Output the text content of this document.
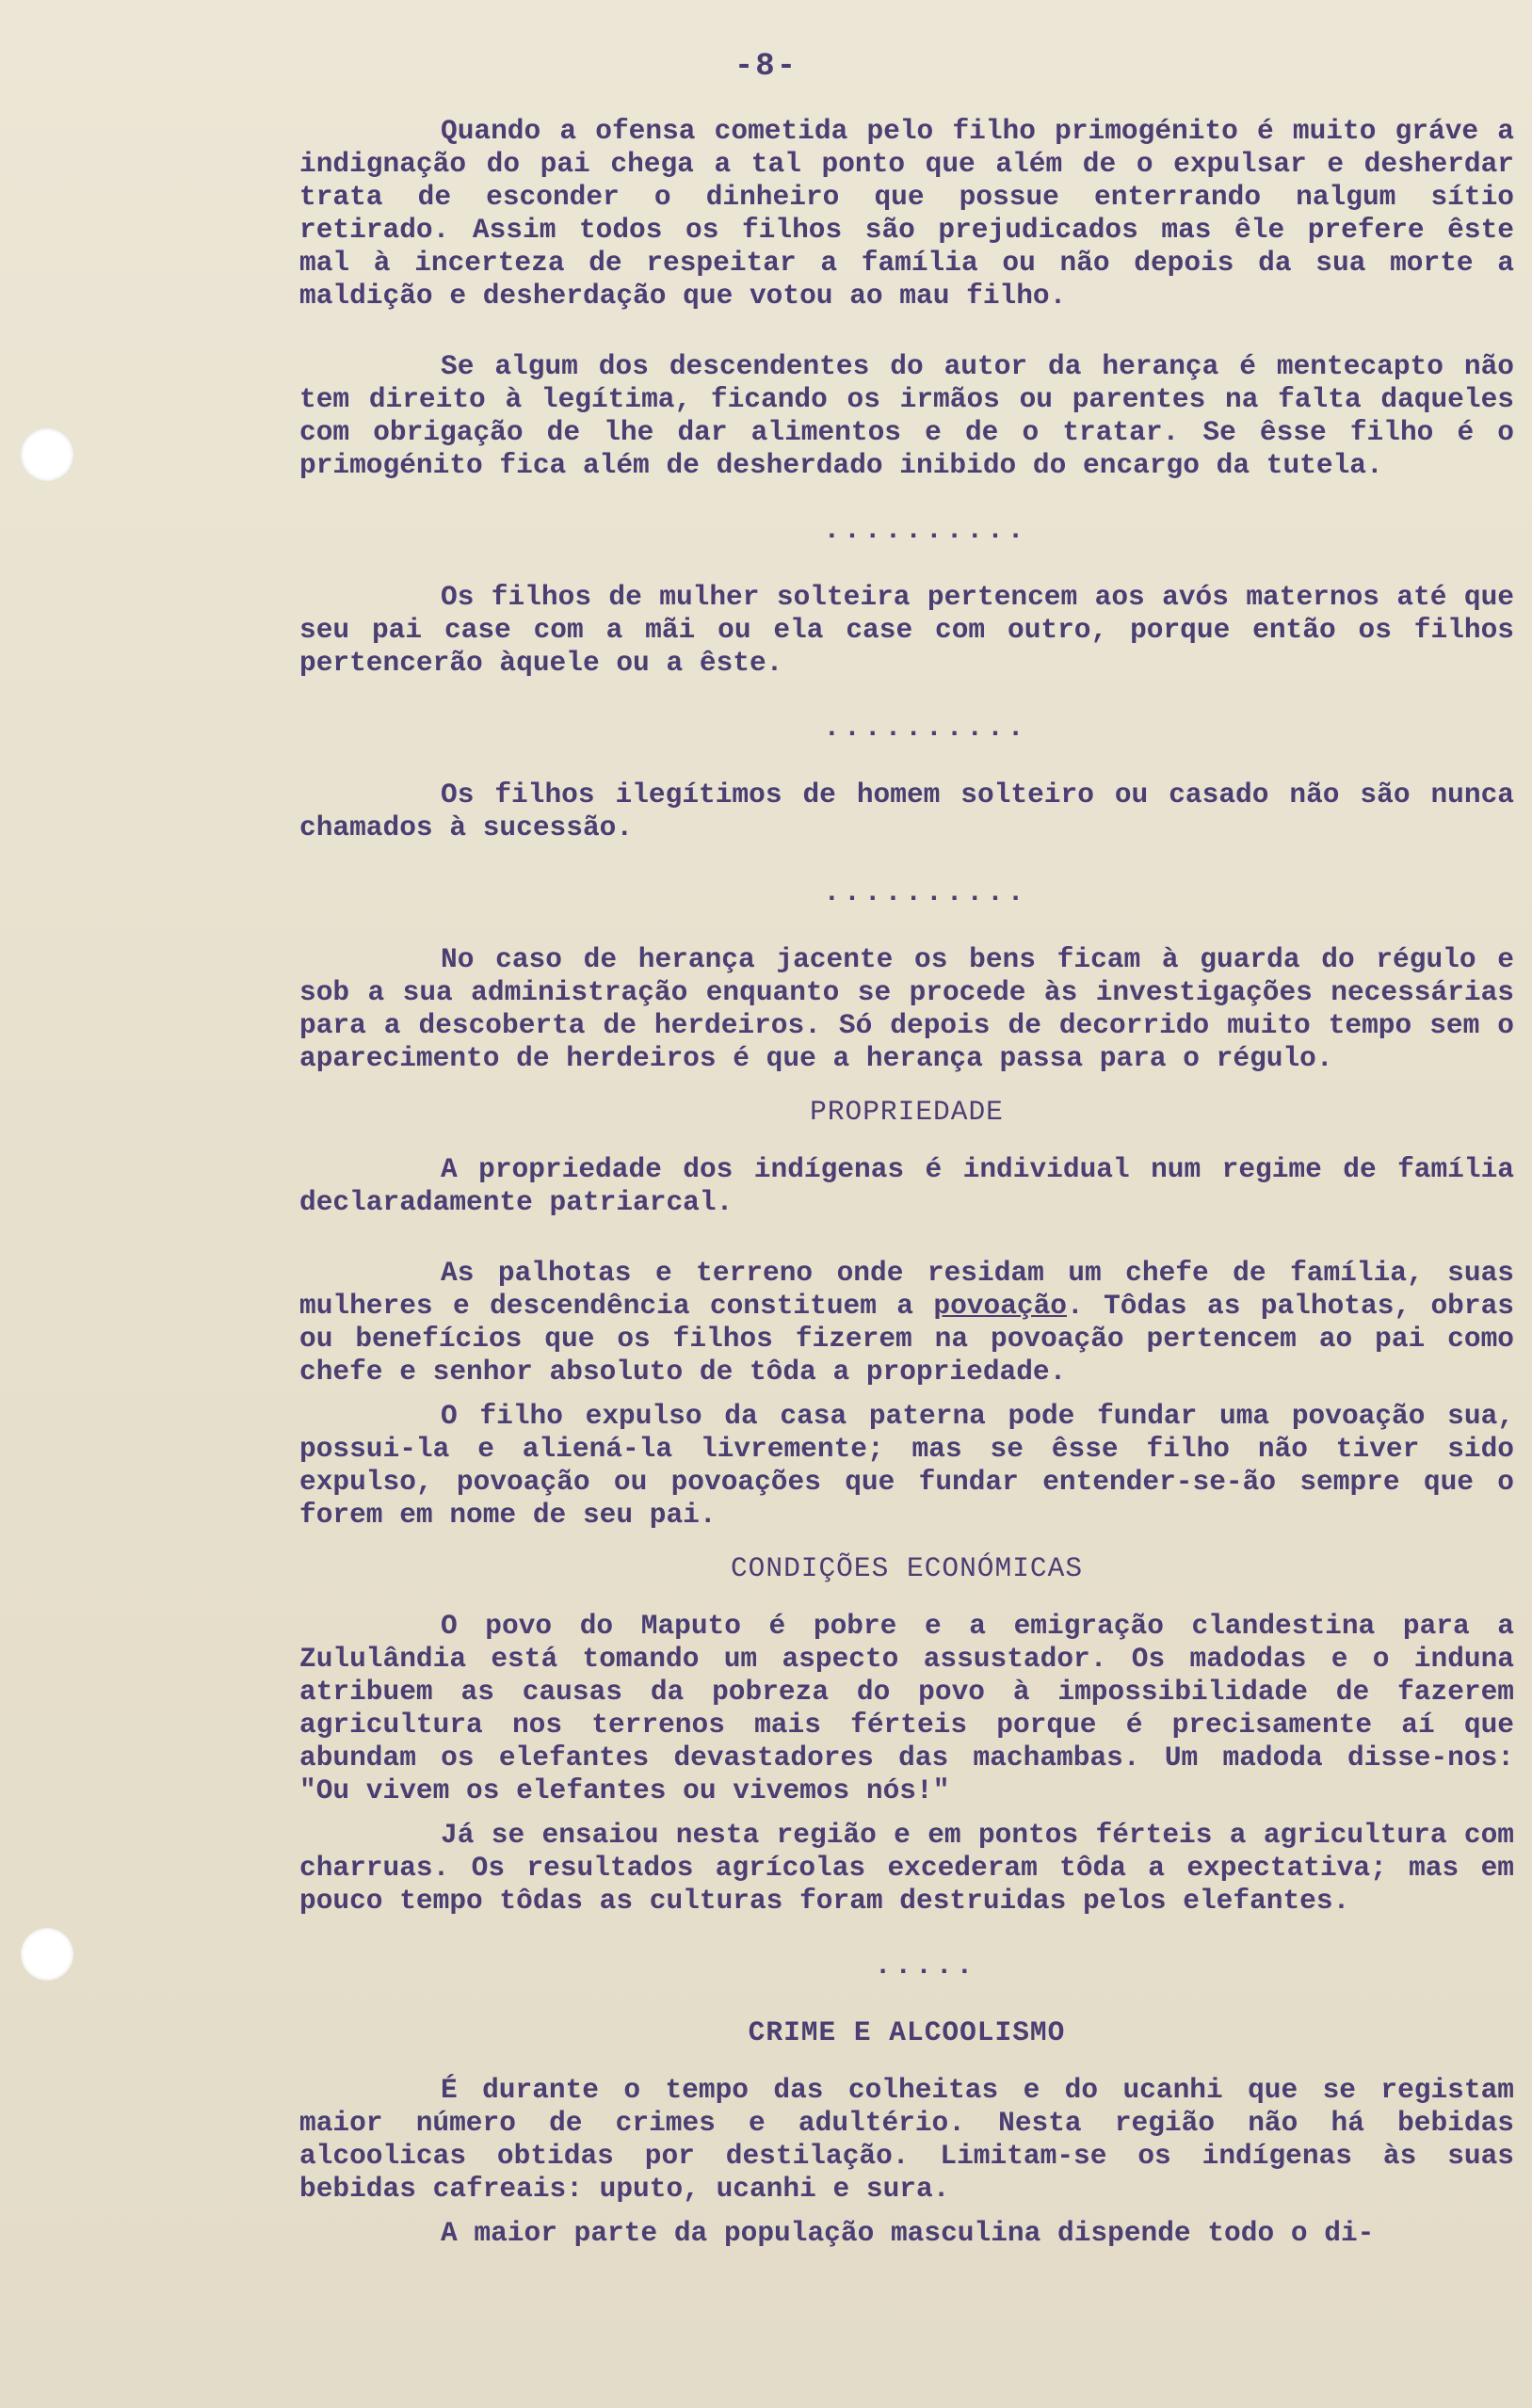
-8-

Quando a ofensa cometida pelo filho primogénito é muito gráve a indignação do pai chega a tal ponto que além de o expulsar e desherdar trata de esconder o dinheiro que possue enterrando nalgum sítio retirado. Assim todos os filhos são prejudicados mas êle prefere êste mal à incerteza de respeitar a família ou não depois da sua morte a maldição e desherdação que votou ao mau filho.

Se algum dos descendentes do autor da herança é mentecapto não tem direito à legítima, ficando os irmãos ou parentes na falta daqueles com obrigação de lhe dar alimentos e de o tratar. Se êsse filho é o primogénito fica além de desherdado inibido do encargo da tutela.

..........

Os filhos de mulher solteira pertencem aos avós maternos até que seu pai case com a mãi ou ela case com outro, porque então os filhos pertencerão àquele ou a êste.

..........

Os filhos ilegítimos de homem solteiro ou casado não são nunca chamados à sucessão.

..........

No caso de herança jacente os bens ficam à guarda do régulo e sob a sua administração enquanto se procede às investigações necessárias para a descoberta de herdeiros. Só depois de decorrido muito tempo sem o aparecimento de herdeiros é que a herança passa para o régulo.

PROPRIEDADE

A propriedade dos indígenas é individual num regime de família declaradamente patriarcal.

As palhotas e terreno onde residam um chefe de família, suas mulheres e descendência constituem a povoação. Tôdas as palhotas, obras ou benefícios que os filhos fizerem na povoação pertencem ao pai como chefe e senhor absoluto de tôda a propriedade.

O filho expulso da casa paterna pode fundar uma povoação sua, possui-la e aliená-la livremente; mas se êsse filho não tiver sido expulso, povoação ou povoações que fundar entender-se-ão sempre que o forem em nome de seu pai.

CONDIÇÕES ECONÓMICAS

O povo do Maputo é pobre e a emigração clandestina para a Zululândia está tomando um aspecto assustador. Os madodas e o induna atribuem as causas da pobreza do povo à impossibilidade de fazerem agricultura nos terrenos mais férteis porque é precisamente aí que abundam os elefantes devastadores das machambas. Um madoda disse-nos: "Ou vivem os elefantes ou vivemos nós!"

Já se ensaiou nesta região e em pontos férteis a agricultura com charruas. Os resultados agrícolas excederam tôda a expectativa; mas em pouco tempo tôdas as culturas foram destruidas pelos elefantes.

.....
CRIME E ALCOOLISMO

É durante o tempo das colheitas e do ucanhi que se registam maior número de crimes e adultério. Nesta região não há bebidas alcoolicas obtidas por destilação. Limitam-se os indígenas às suas bebidas cafreais: uputo, ucanhi e sura.

A maior parte da população masculina dispende todo o di-
